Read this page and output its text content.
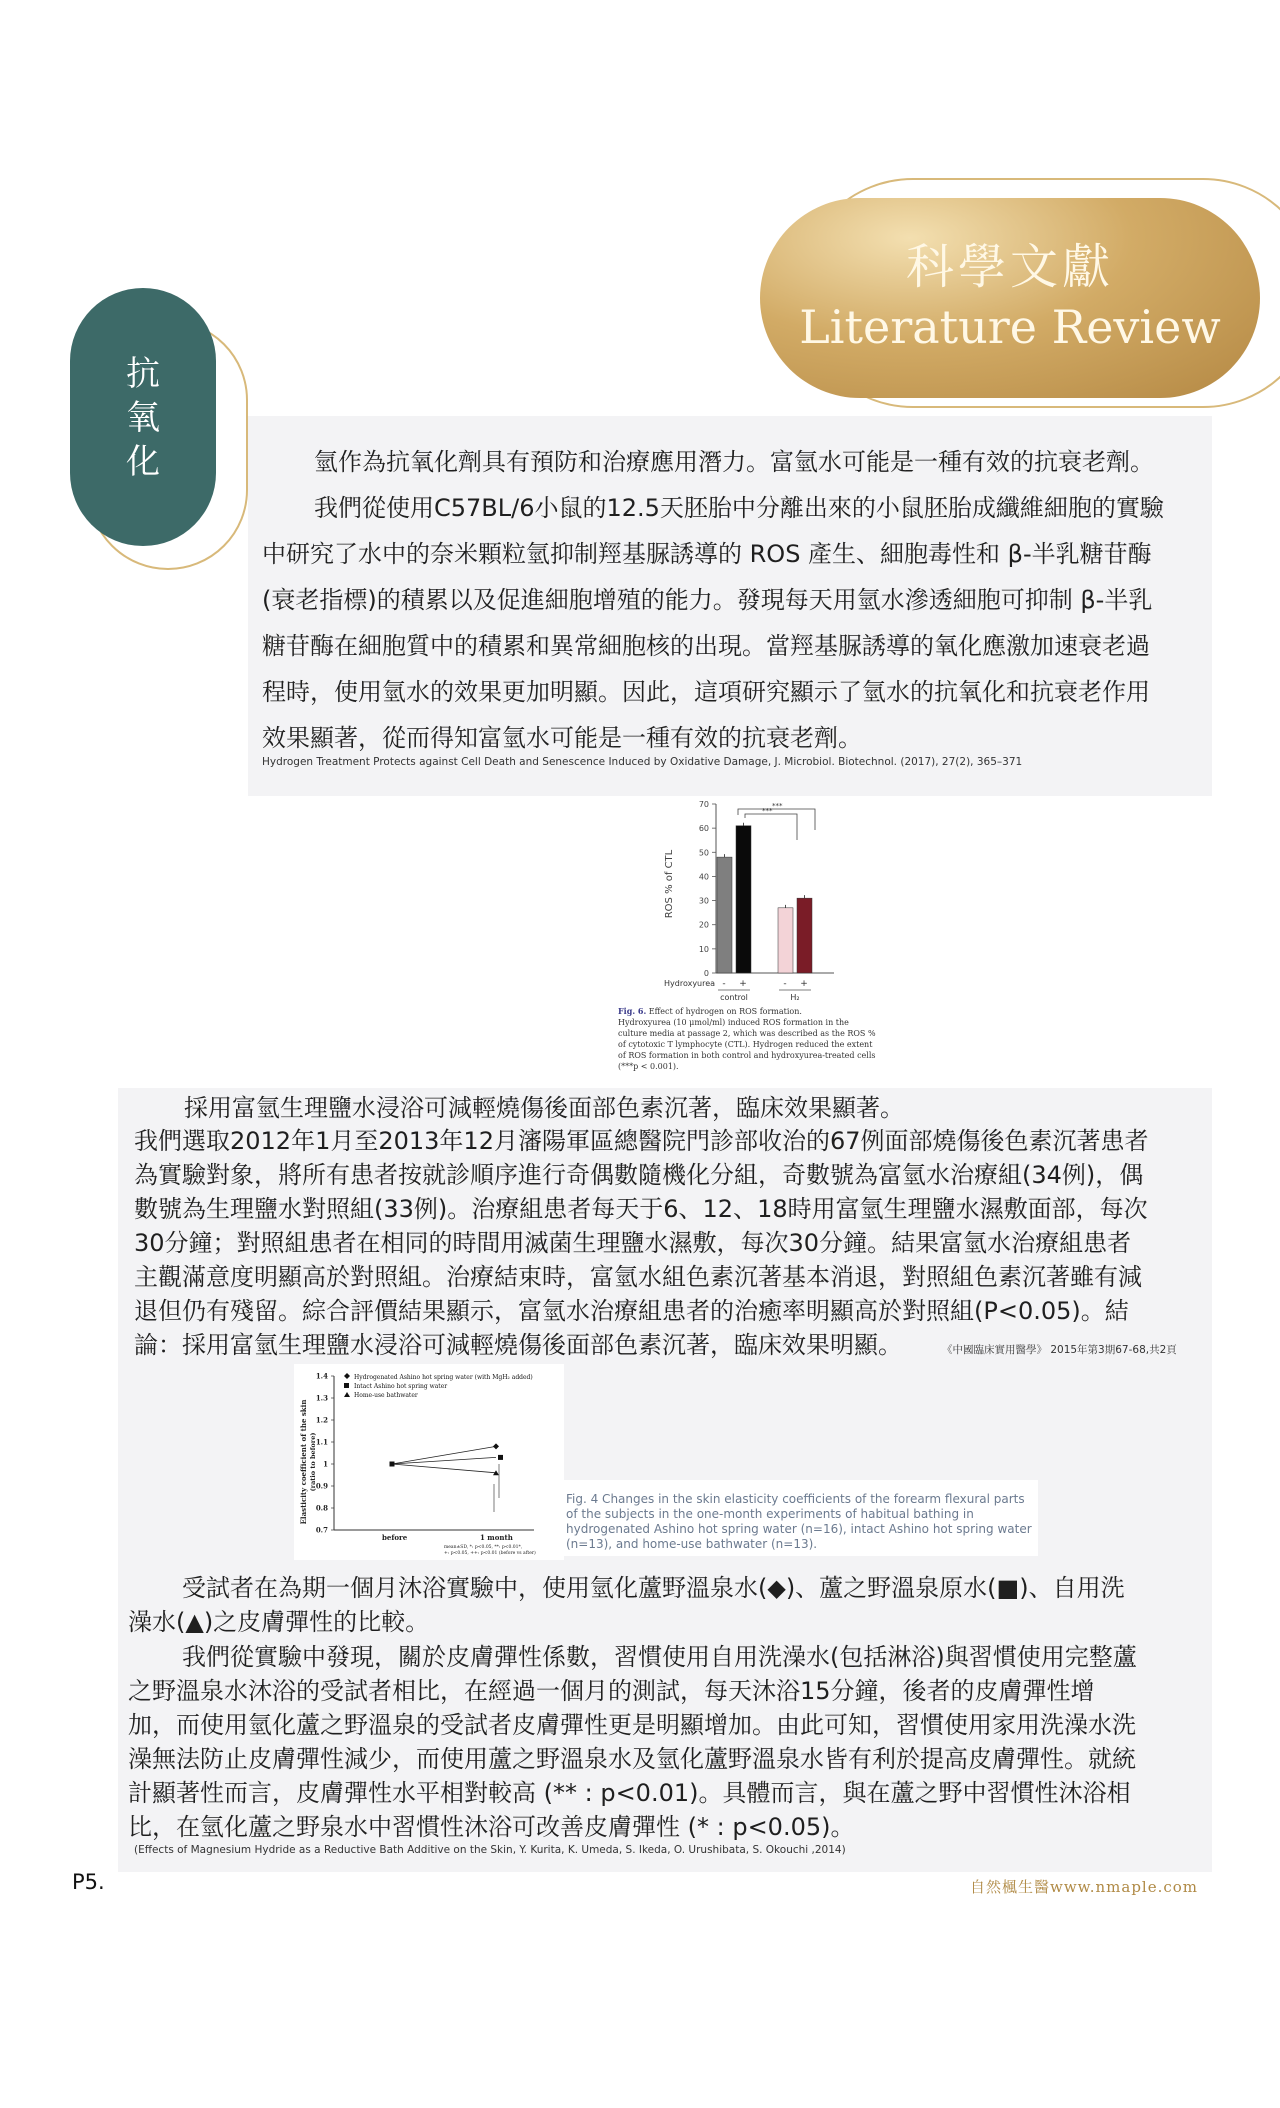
科學文獻
Literature Review
抗
氧
化	氫作為抗氧化劑具有預防和治療應用潛力。富氫水可能是一種有效的抗衰老劑。
我們從使用C57BL/6小鼠的12.5天胚胎中分離出來的小鼠胚胎成纖維細胞的實驗
中研究了水中的奈米顆粒氫抑制羥基脲誘導的 ROS 產生、細胞毒性和 β-半乳糖苷酶
(衰老指標)的積累以及促進細胞增殖的能力。發現每天用氫水滲透細胞可抑制 β-半乳
糖苷酶在細胞質中的積累和異常細胞核的出現。當羥基脲誘導的氧化應激加速衰老過
程時，使用氫水的效果更加明顯。因此，這項研究顯示了氫水的抗氧化和抗衰老作用
效果顯著，從而得知富氫水可能是一種有效的抗衰老劑。
Hydrogen Treatment Protects against Cell Death and Senescence Induced by Oxidative Damage, J. Microbiol. Biotechnol. (2017), 27(2), 365–371
ROS % of CTL
0
10
20
30
40
50
60
70	***
***
Hydroxyurea - +	- +
control	H₂
Fig. 6. Effect of hydrogen on ROS formation.
Hydroxyurea (10 μmol/ml) induced ROS formation in the culture media at passage 2, which was described as the ROS % of cytotoxic T lymphocyte (CTL). Hydrogen reduced the extent of ROS formation in both control and hydroxyurea-treated cells (***p < 0.001).
採用富氫生理鹽水浸浴可減輕燒傷後面部色素沉著，臨床效果顯著。
我們選取2012年1月至2013年12月瀋陽軍區總醫院門診部收治的67例面部燒傷後色素沉著患者
為實驗對象，將所有患者按就診順序進行奇偶數隨機化分組，奇數號為富氫水治療組(34例)，偶
數號為生理鹽水對照組(33例)。治療組患者每天于6、12、18時用富氫生理鹽水濕敷面部，每次
30分鐘；對照組患者在相同的時間用滅菌生理鹽水濕敷，每次30分鐘。結果富氫水治療組患者
主觀滿意度明顯高於對照組。治療結束時，富氫水組色素沉著基本消退，對照組色素沉著雖有減
退但仍有殘留。綜合評價結果顯示，富氫水治療組患者的治癒率明顯高於對照組(P<0.05)。結
論：採用富氫生理鹽水浸浴可減輕燒傷後面部色素沉著，臨床效果明顯。	《中國臨床實用醫學》 2015年第3期67-68,共2頁
Elasticity coefficient of the skin (ratio to before)
1.4
1.3
1.2
1.1
1
0.9
0.8
0.7
Hydrogenated Ashino hot spring water (with MgH₂ added)
Intact Ashino hot spring water
Home-use bathwater
before	1 month
mean±SD, *: p<0.05, **: p<0.01*,
+: p<0.05, ++: p<0.01 (before vs after)
Fig. 4 Changes in the skin elasticity coefficients of the forearm flexural parts of the subjects in the one-month experiments of habitual bathing in hydrogenated Ashino hot spring water (n=16), intact Ashino hot spring water (n=13), and home-use bathwater (n=13).
受試者在為期一個月沐浴實驗中，使用氫化蘆野溫泉水(◆)、蘆之野溫泉原水(■)、自用洗
澡水(▲)之皮膚彈性的比較。
我們從實驗中發現，關於皮膚彈性係數，習慣使用自用洗澡水(包括淋浴)與習慣使用完整蘆
之野溫泉水沐浴的受試者相比，在經過一個月的測試，每天沐浴15分鐘，後者的皮膚彈性增
加，而使用氫化蘆之野溫泉的受試者皮膚彈性更是明顯增加。由此可知，習慣使用家用洗澡水洗
澡無法防止皮膚彈性減少，而使用蘆之野溫泉水及氫化蘆野溫泉水皆有利於提高皮膚彈性。就統
計顯著性而言，皮膚彈性水平相對較高 (** : p<0.01)。具體而言，與在蘆之野中習慣性沐浴相
比，在氫化蘆之野泉水中習慣性沐浴可改善皮膚彈性 (* : p<0.05)。
(Effects of Magnesium Hydride as a Reductive Bath Additive on the Skin, Y. Kurita, K. Umeda, S. Ikeda, O. Urushibata, S. Okouchi ,2014)
P5.	自然楓生醫www.nmaple.com
